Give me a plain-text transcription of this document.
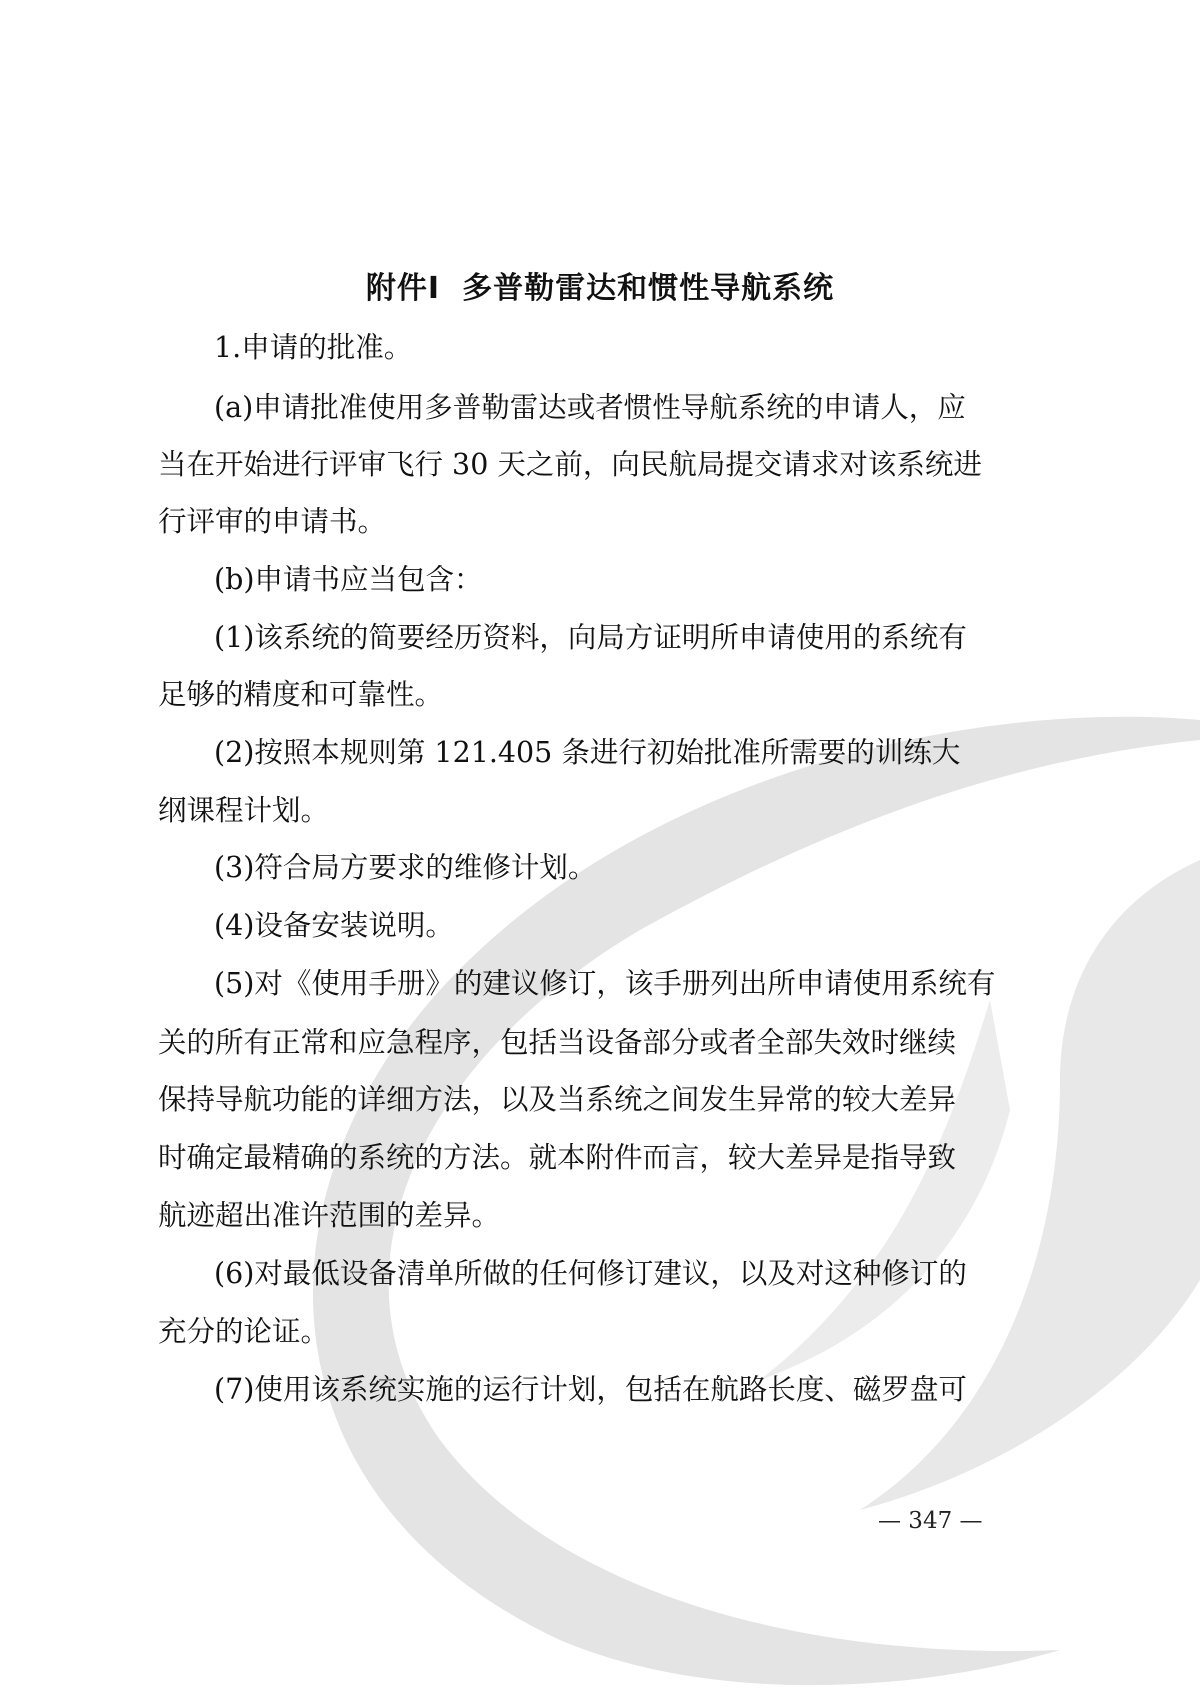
附件Ⅰ 多普勒雷达和惯性导航系统
1.申请的批准。
(a)申请批准使用多普勒雷达或者惯性导航系统的申请人，应
当在开始进行评审飞行 30 天之前，向民航局提交请求对该系统进
行评审的申请书。
(b)申请书应当包含：
(1)该系统的简要经历资料，向局方证明所申请使用的系统有
足够的精度和可靠性。
(2)按照本规则第 121.405 条进行初始批准所需要的训练大
纲课程计划。
(3)符合局方要求的维修计划。
(4)设备安装说明。
(5)对《使用手册》的建议修订，该手册列出所申请使用系统有
关的所有正常和应急程序，包括当设备部分或者全部失效时继续
保持导航功能的详细方法，以及当系统之间发生异常的较大差异
时确定最精确的系统的方法。就本附件而言，较大差异是指导致
航迹超出准许范围的差异。
(6)对最低设备清单所做的任何修订建议，以及对这种修订的
充分的论证。
(7)使用该系统实施的运行计划，包括在航路长度、磁罗盘可
— 347 —
